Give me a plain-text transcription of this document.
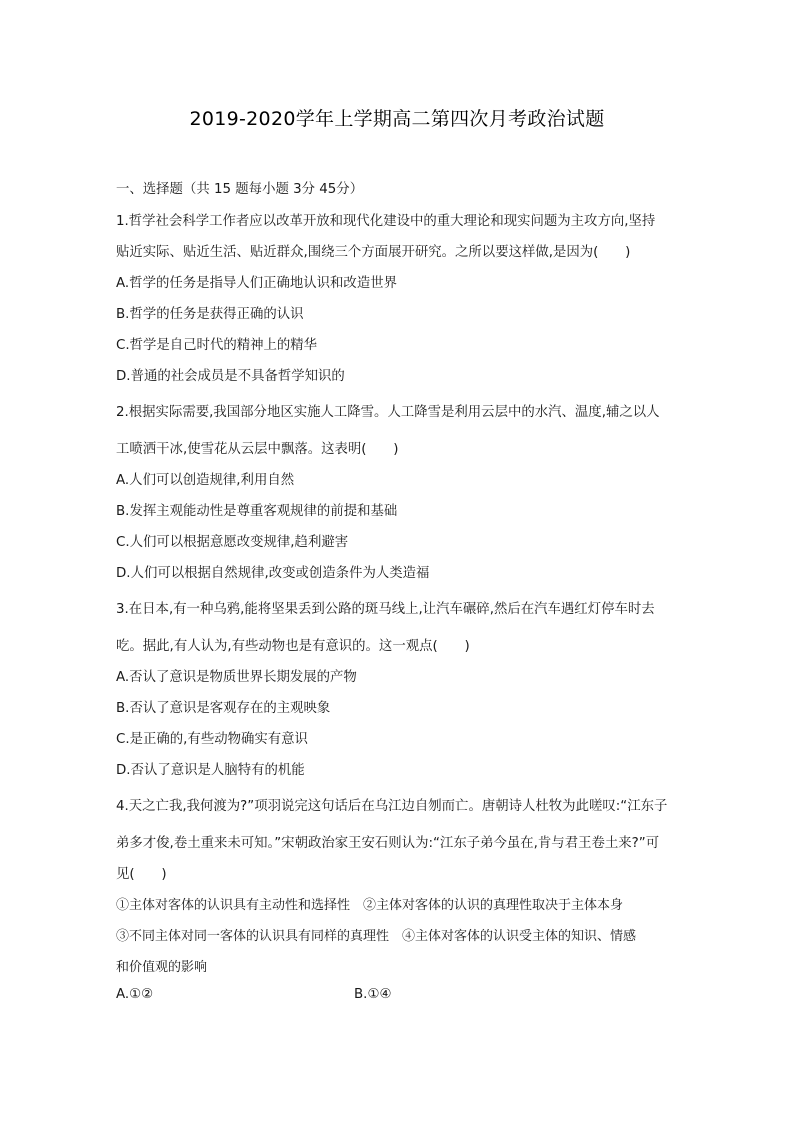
2019-2020学年上学期高二第四次月考政治试题
一、选择题（共 15 题每小题 3分 45分）
1.哲学社会科学工作者应以改革开放和现代化建设中的重大理论和现实问题为主攻方向,坚持
贴近实际、贴近生活、贴近群众,围绕三个方面展开研究。之所以要这样做,是因为(　　)
A.哲学的任务是指导人们正确地认识和改造世界
B.哲学的任务是获得正确的认识
C.哲学是自己时代的精神上的精华
D.普通的社会成员是不具备哲学知识的
2.根据实际需要,我国部分地区实施人工降雪。人工降雪是利用云层中的水汽、温度,辅之以人
工喷洒干冰,使雪花从云层中飘落。这表明(　　)
A.人们可以创造规律,利用自然
B.发挥主观能动性是尊重客观规律的前提和基础
C.人们可以根据意愿改变规律,趋利避害
D.人们可以根据自然规律,改变或创造条件为人类造福
3.在日本,有一种乌鸦,能将坚果丢到公路的斑马线上,让汽车碾碎,然后在汽车遇红灯停车时去
吃。据此,有人认为,有些动物也是有意识的。这一观点(　　)
A.否认了意识是物质世界长期发展的产物
B.否认了意识是客观存在的主观映象
C.是正确的,有些动物确实有意识
D.否认了意识是人脑特有的机能
4.天之亡我,我何渡为?”项羽说完这句话后在乌江边自刎而亡。唐朝诗人杜牧为此嗟叹:“江东子
弟多才俊,卷土重来未可知。”宋朝政治家王安石则认为:“江东子弟今虽在,肯与君王卷土来?”可
见(　　)
①主体对客体的认识具有主动性和选择性　②主体对客体的认识的真理性取决于主体本身
③不同主体对同一客体的认识具有同样的真理性　④主体对客体的认识受主体的知识、情感
和价值观的影响
A.①②	B.①④
